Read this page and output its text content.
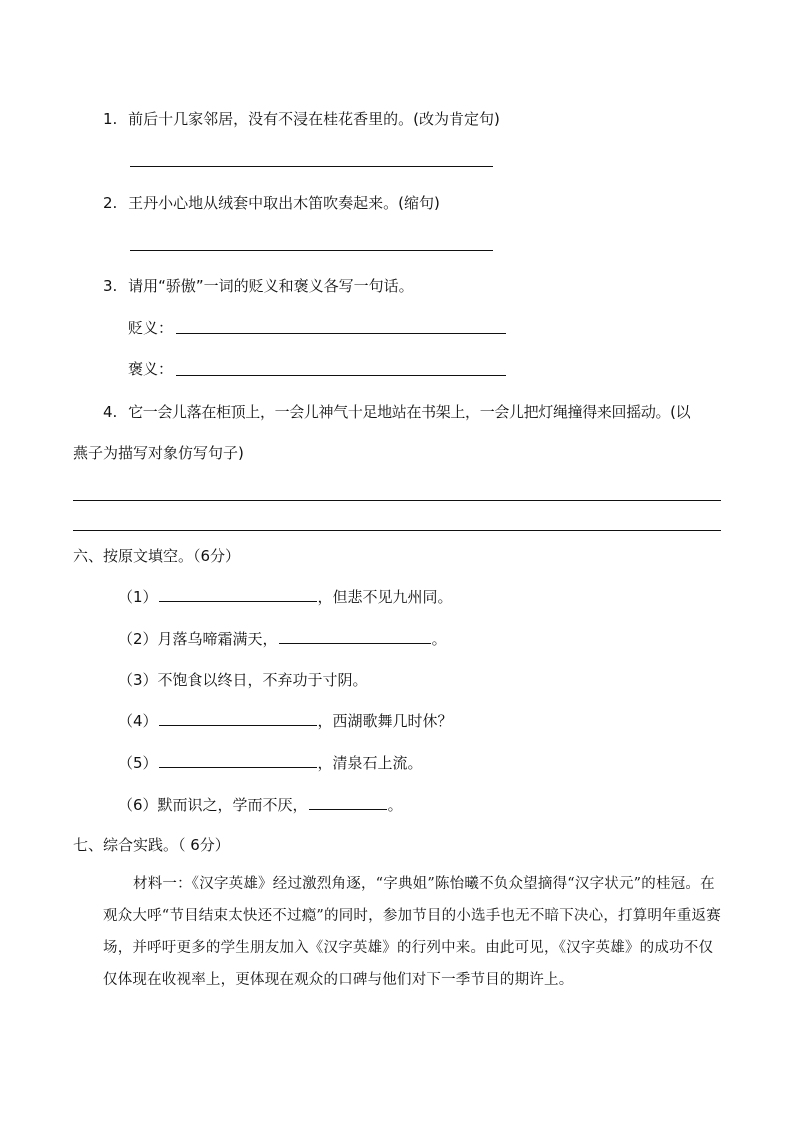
1. 前后十几家邻居，没有不浸在桂花香里的。(改为肯定句)
2. 王丹小心地从绒套中取出木笛吹奏起来。(缩句)
3. 请用“骄傲”一词的贬义和褒义各写一句话。
贬义：
褒义：
4. 它一会儿落在柜顶上，一会儿神气十足地站在书架上，一会儿把灯绳撞得来回摇动。(以
燕子为描写对象仿写句子)
六、按原文填空。（6分）
（1）	，但悲不见九州同。
（2）月落乌啼霜满天，	。
（3）不饱食以终日，不弃功于寸阴。
（4）	，西湖歌舞几时休？
（5）	，清泉石上流。
（6）默而识之，学而不厌，	。
七、综合实践。（ 6分）
材料一：《汉字英雄》经过激烈角逐，“字典姐”陈怡曦不负众望摘得“汉字状元”的桂冠。在观众大呼“节目结束太快还不过瘾”的同时，参加节目的小选手也无不暗下决心，打算明年重返赛场，并呼吁更多的学生朋友加入《汉字英雄》的行列中来。由此可见，《汉字英雄》的成功不仅仅体现在收视率上，更体现在观众的口碑与他们对下一季节目的期许上。
